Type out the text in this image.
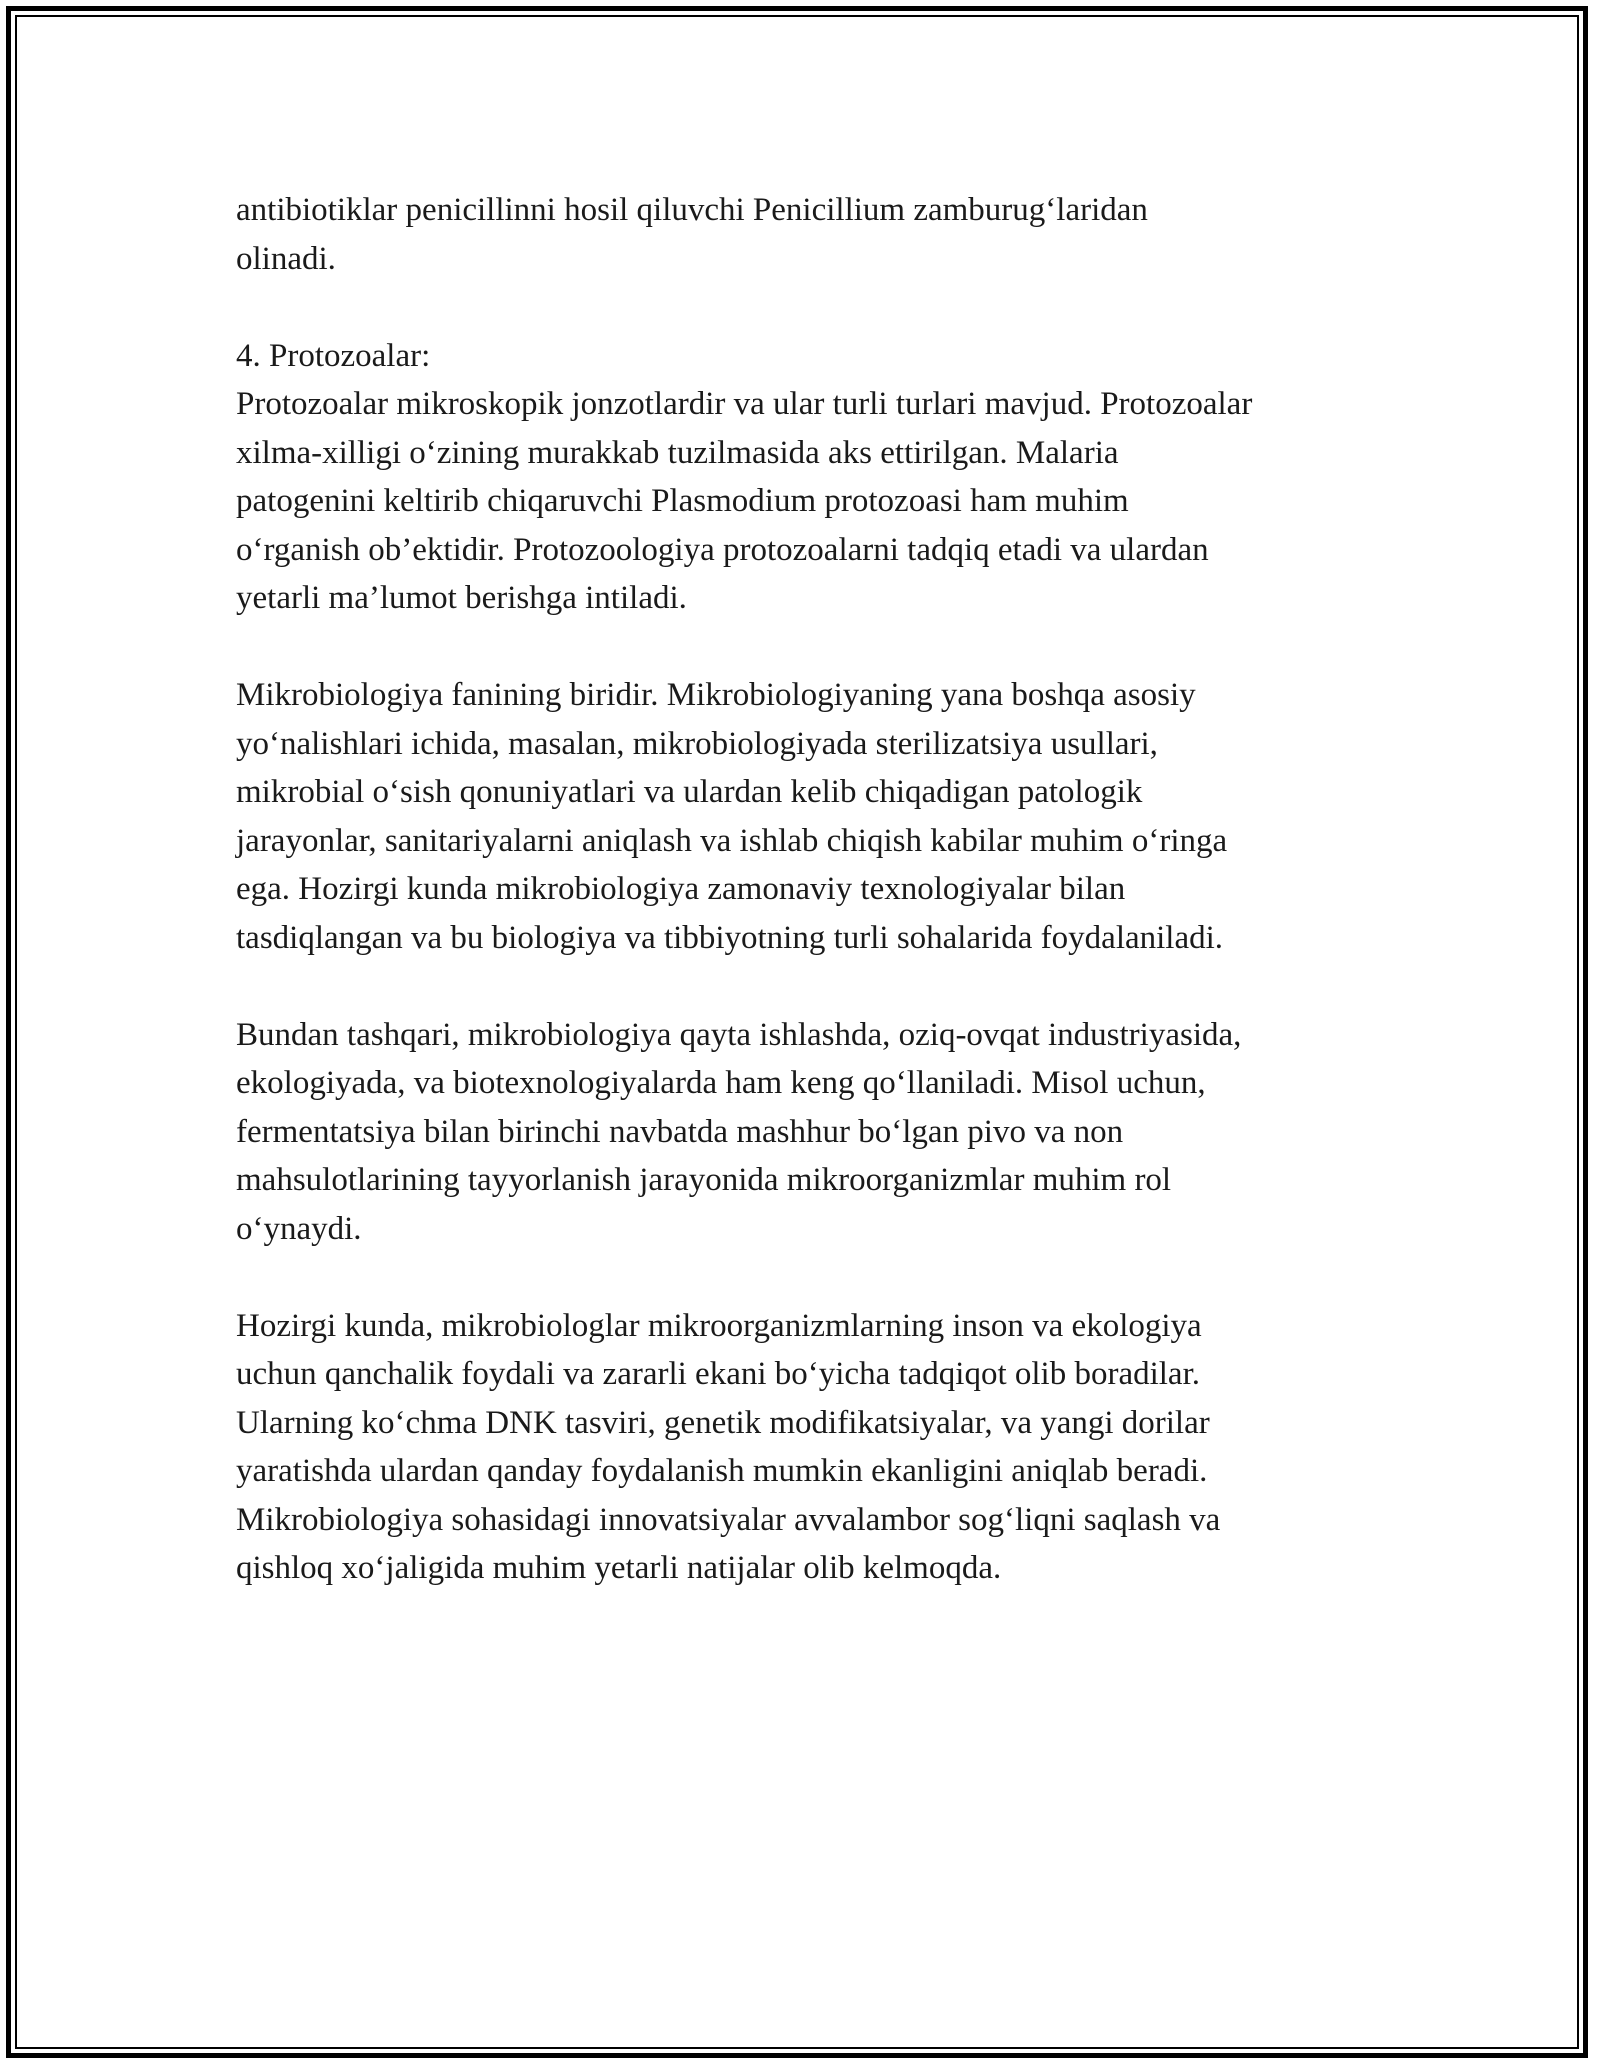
antibiotiklar penicillinni hosil qiluvchi Penicillium zamburug‘laridan
olinadi.
4. Protozoalar:
Protozoalar mikroskopik jonzotlardir va ular turli turlari mavjud. Protozoalar
xilma-xilligi o‘zining murakkab tuzilmasida aks ettirilgan. Malaria
patogenini keltirib chiqaruvchi Plasmodium protozoasi ham muhim
o‘rganish ob’ektidir. Protozoologiya protozoalarni tadqiq etadi va ulardan
yetarli ma’lumot berishga intiladi.
Mikrobiologiya fanining biridir. Mikrobiologiyaning yana boshqa asosiy
yo‘nalishlari ichida, masalan, mikrobiologiyada sterilizatsiya usullari,
mikrobial o‘sish qonuniyatlari va ulardan kelib chiqadigan patologik
jarayonlar, sanitariyalarni aniqlash va ishlab chiqish kabilar muhim o‘ringa
ega. Hozirgi kunda mikrobiologiya zamonaviy texnologiyalar bilan
tasdiqlangan va bu biologiya va tibbiyotning turli sohalarida foydalaniladi.
Bundan tashqari, mikrobiologiya qayta ishlashda, oziq-ovqat industriyasida,
ekologiyada, va biotexnologiyalarda ham keng qo‘llaniladi. Misol uchun,
fermentatsiya bilan birinchi navbatda mashhur bo‘lgan pivo va non
mahsulotlarining tayyorlanish jarayonida mikroorganizmlar muhim rol
o‘ynaydi.
Hozirgi kunda, mikrobiologlar mikroorganizmlarning inson va ekologiya
uchun qanchalik foydali va zararli ekani bo‘yicha tadqiqot olib boradilar.
Ularning ko‘chma DNK tasviri, genetik modifikatsiyalar, va yangi dorilar
yaratishda ulardan qanday foydalanish mumkin ekanligini aniqlab beradi.
Mikrobiologiya sohasidagi innovatsiyalar avvalambor sog‘liqni saqlash va
qishloq xo‘jaligida muhim yetarli natijalar olib kelmoqda.
